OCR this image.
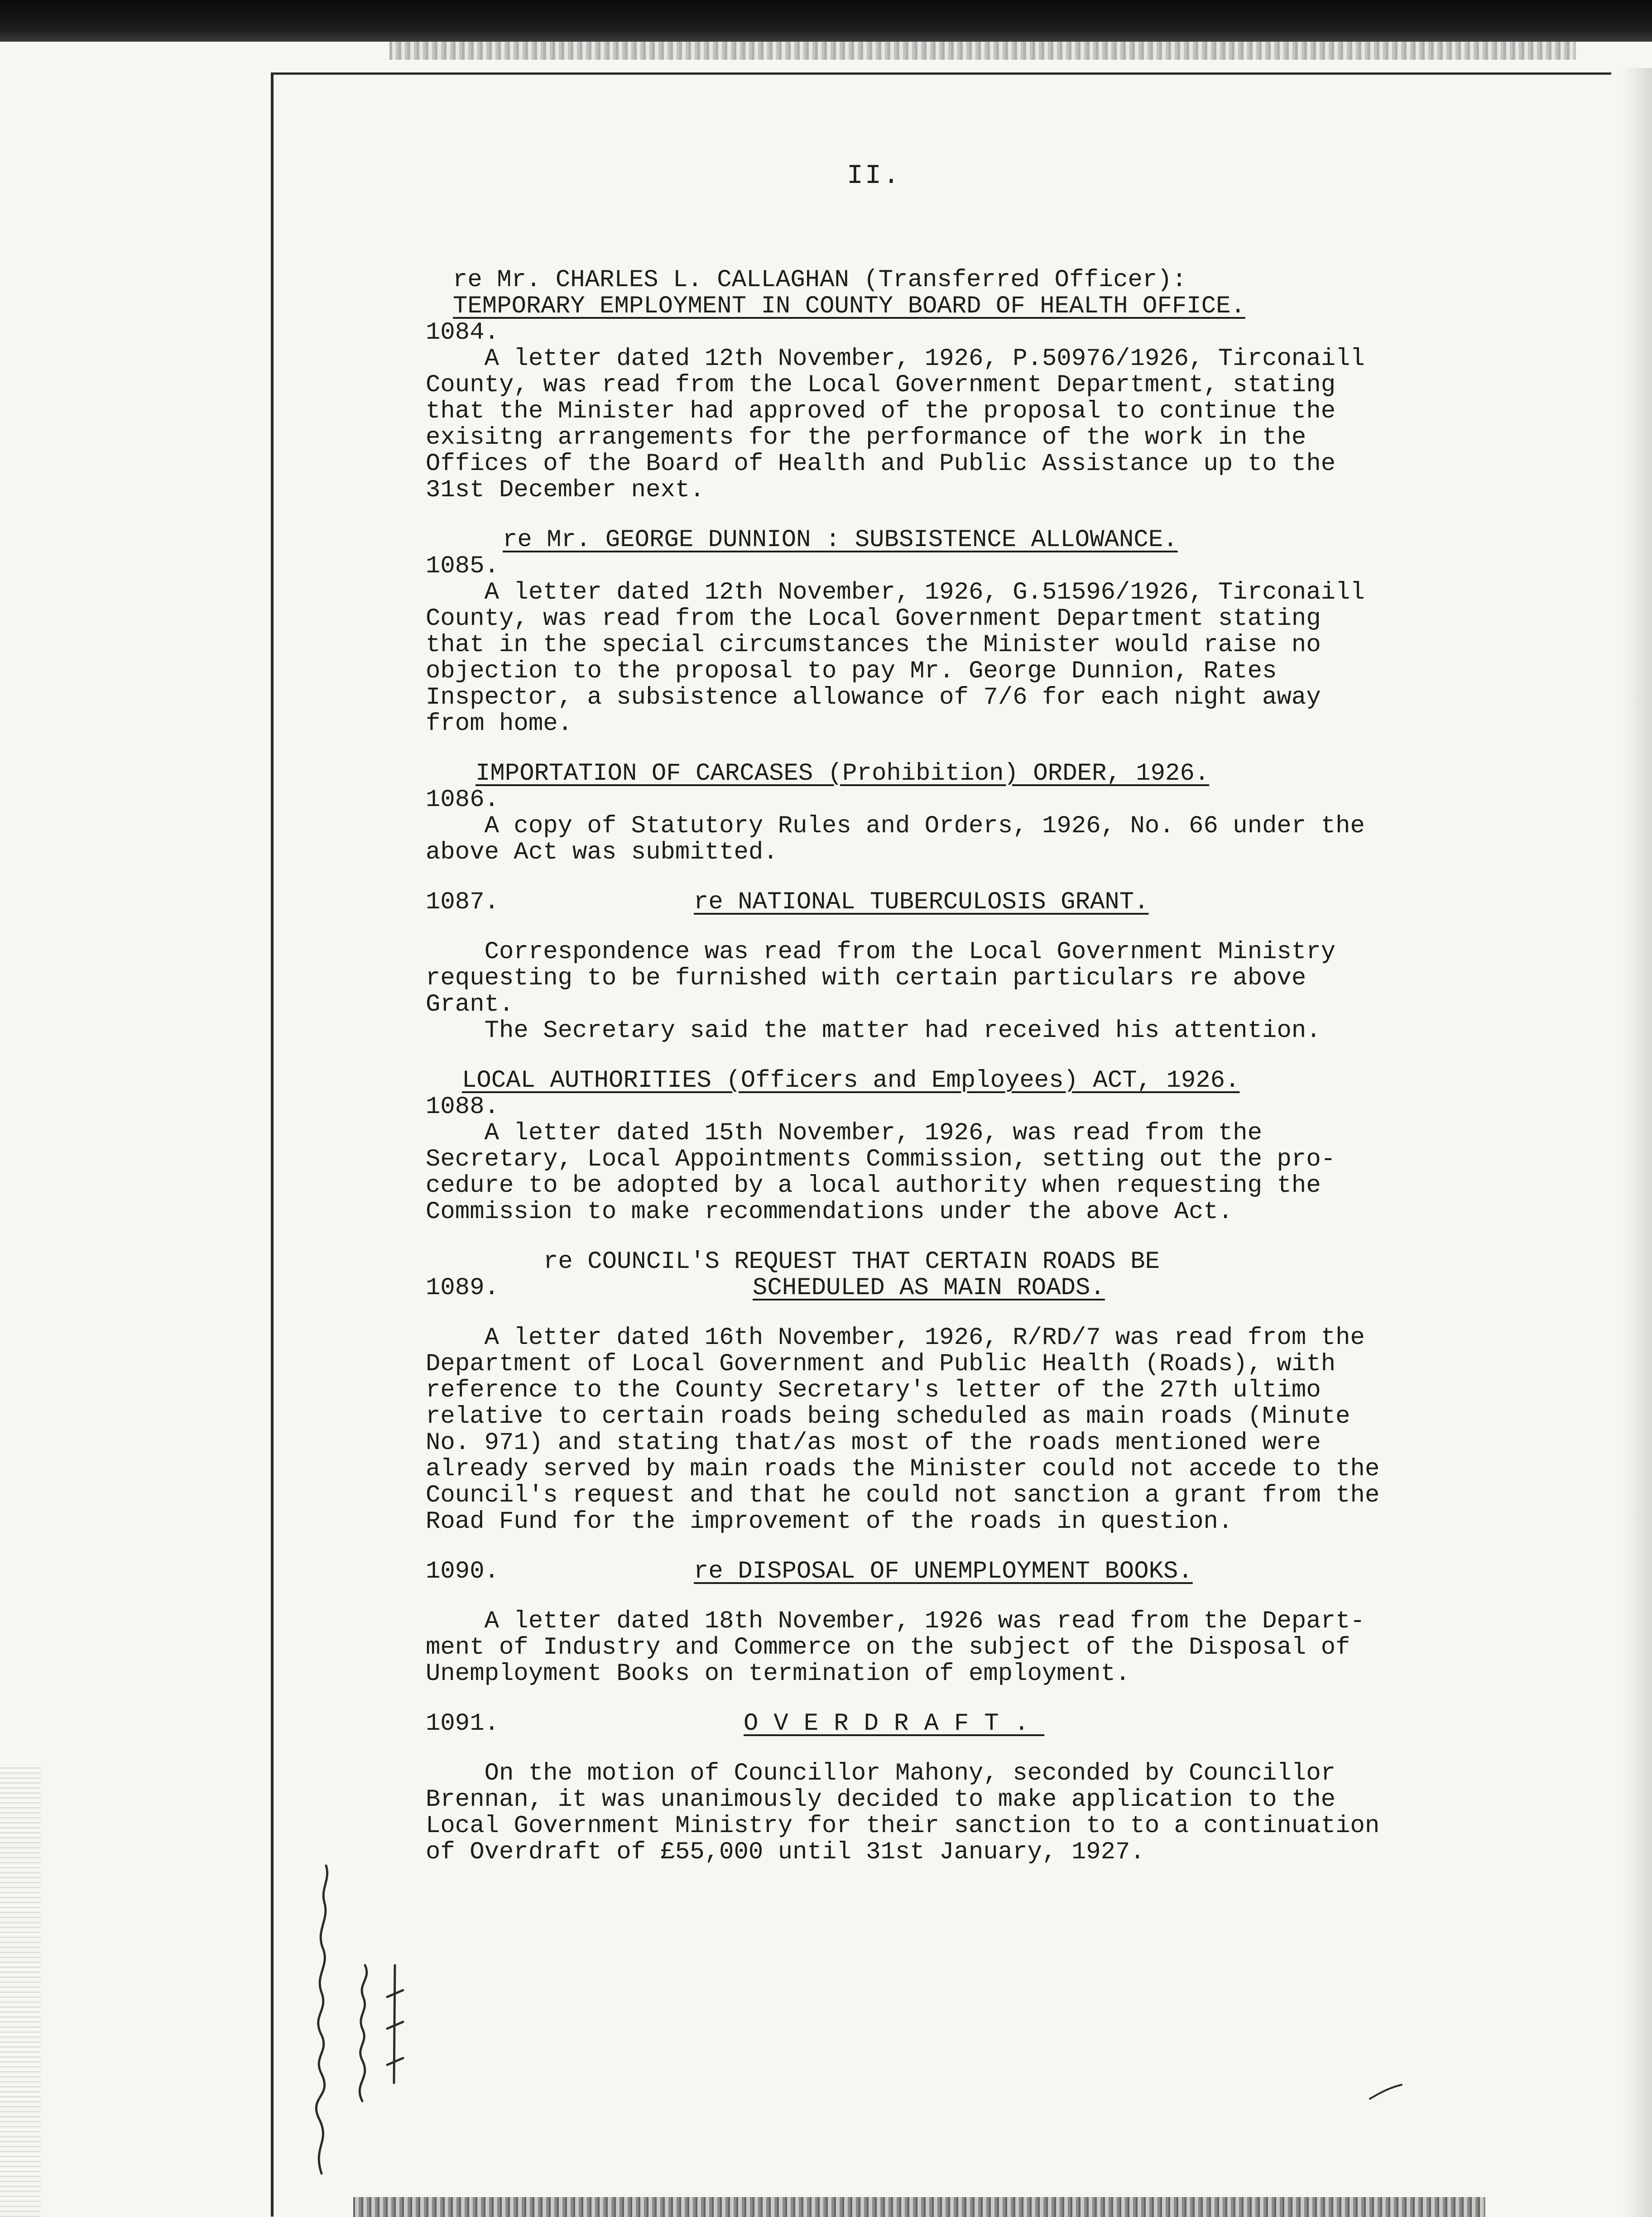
II.

re Mr. CHARLES L. CALLAGHAN (Transferred Officer):

TEMPORARY EMPLOYMENT IN COUNTY BOARD OF HEALTH OFFICE.

1084.

A letter dated 12th November, 1926, P.50976/1926, Tirconaill

County, was read from the Local Government Department, stating

that the Minister had approved of the proposal to continue the

exisitng arrangements for the performance of the work in the

Offices of the Board of Health and Public Assistance up to the

31st December next.

re Mr. GEORGE DUNNION : SUBSISTENCE ALLOWANCE.

1085.

A letter dated 12th November, 1926, G.51596/1926, Tirconaill

County, was read from the Local Government Department stating

that in the special circumstances the Minister would raise no

objection to the proposal to pay Mr. George Dunnion, Rates

Inspector, a subsistence allowance of 7/6 for each night away

from home.

IMPORTATION OF CARCASES (Prohibition) ORDER, 1926.

1086.

A copy of Statutory Rules and Orders, 1926, No. 66 under the

above Act was submitted.

1087.	re NATIONAL TUBERCULOSIS GRANT.

Correspondence was read from the Local Government Ministry

requesting to be furnished with certain particulars re above

Grant.

The Secretary said the matter had received his attention.

LOCAL AUTHORITIES (Officers and Employees) ACT, 1926.

1088.

A letter dated 15th November, 1926, was read from the

Secretary, Local Appointments Commission, setting out the pro-

cedure to be adopted by a local authority when requesting the

Commission to make recommendations under the above Act.

re COUNCIL'S REQUEST THAT CERTAIN ROADS BE

1089.	SCHEDULED AS MAIN ROADS.

A letter dated 16th November, 1926, R/RD/7 was read from the

Department of Local Government and Public Health (Roads), with

reference to the County Secretary's letter of the 27th ultimo

relative to certain roads being scheduled as main roads (Minute

No. 971) and stating that/as most of the roads mentioned were

already served by main roads the Minister could not accede to the

Council's request and that he could not sanction a grant from the

Road Fund for the improvement of the roads in question.

1090.	re DISPOSAL OF UNEMPLOYMENT BOOKS.

A letter dated 18th November, 1926 was read from the Depart-

ment of Industry and Commerce on the subject of the Disposal of

Unemployment Books on termination of employment.

1091.	OVERDRAFT.

On the motion of Councillor Mahony, seconded by Councillor

Brennan, it was unanimously decided to make application to the

Local Government Ministry for their sanction to to a continuation

of Overdraft of £55,000 until 31st January, 1927.
